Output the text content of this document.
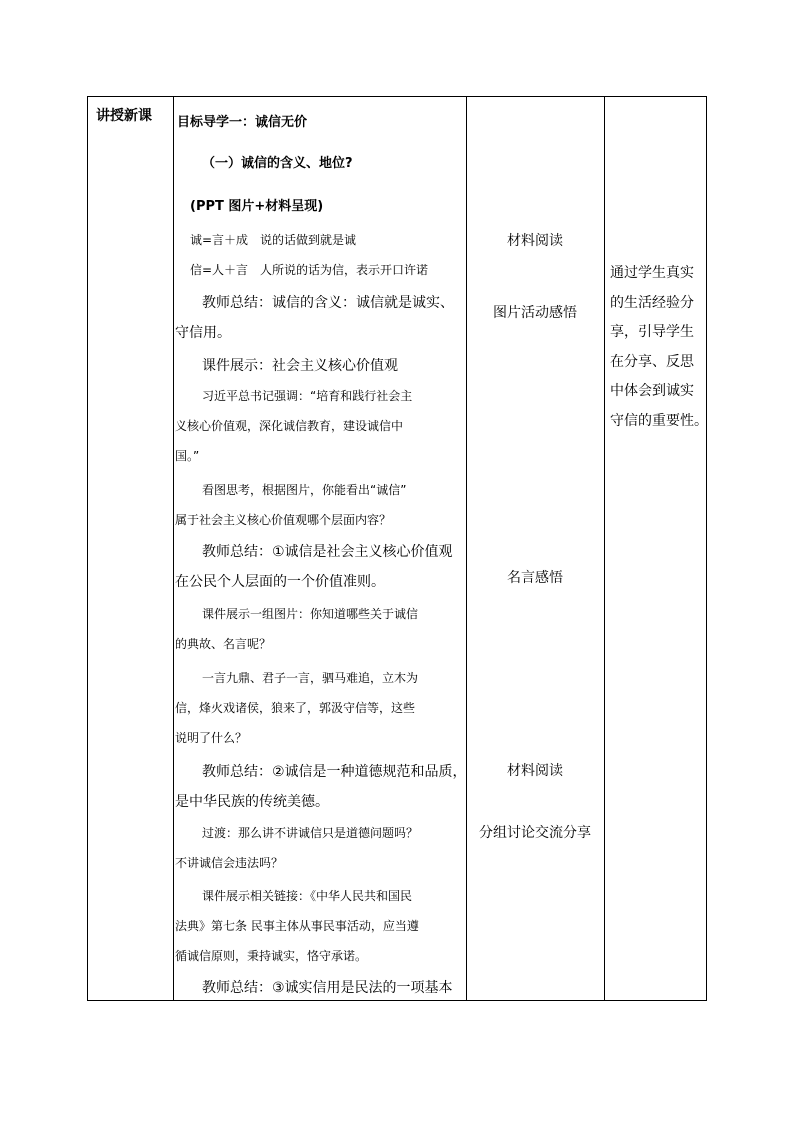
讲授新课 目标导学一：诚信无价
（一）诚信的含义、地位?
(PPT 图片+材料呈现)
诚=言＋成　说的话做到就是诚
信=人＋言　人所说的话为信，表示开口许诺
教师总结：诚信的含义：诚信就是诚实、
守信用。
课件展示：社会主义核心价值观
习近平总书记强调：“培育和践行社会主
义核心价值观，深化诚信教育，建设诚信中
国。”
看图思考，根据图片，你能看出“诚信”
属于社会主义核心价值观哪个层面内容？
教师总结：①诚信是社会主义核心价值观
在公民个人层面的一个价值准则。
课件展示一组图片：你知道哪些关于诚信
的典故、名言呢？
一言九鼎、君子一言，驷马难追，立木为
信，烽火戏诸侯，狼来了，郭汲守信等，这些
说明了什么？
教师总结：②诚信是一种道德规范和品质，
是中华民族的传统美德。
过渡：那么讲不讲诚信只是道德问题吗？
不讲诚信会违法吗？
课件展示相关链接：《中华人民共和国民
法典》第七条 民事主体从事民事活动，应当遵
循诚信原则，秉持诚实，恪守承诺。
教师总结：③诚实信用是民法的一项基本
材料阅读
图片活动感悟
名言感悟
材料阅读
分组讨论交流分享
通过学生真实
的生活经验分
享，引导学生
在分享、反思
中体会到诚实
守信的重要性。
